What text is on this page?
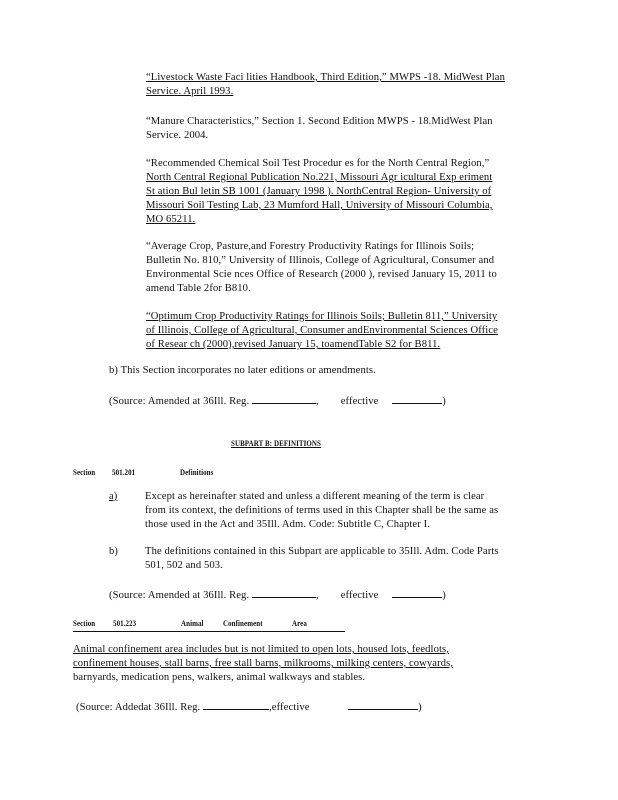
“Livestock Waste Faci lities Handbook, Third Edition,” MWPS -18. MidWest Plan
Service. April 1993.
“Manure Characteristics,” Section 1. Second Edition MWPS - 18.MidWest Plan
Service. 2004.
“Recommended Chemical Soil Test Procedur es for the North Central Region,”
North Central Regional Publication No.221, Missouri Agr icultural Exp eriment
St ation Bul letin SB 1001 (January 1998 ). NorthCentral Region- University of
Missouri Soil Testing Lab, 23 Mumford Hall, University of Missouri Columbia,
MO 65211.
“Average Crop, Pasture,and Forestry Productivity Ratings for Illinois Soils;
Bulletin No. 810,” University of Illinois, College of Agricultural, Consumer and
Environmental Scie nces Office of Research (2000 ), revised January 15, 2011 to
amend Table 2for B810.
“Optimum Crop Productivity Ratings for Illinois Soils; Bulletin 811,” University
of Illinois, College of Agricultural, Consumer andEnvironmental Sciences Office
of Resear ch (2000),revised January 15, toamendTable S2 for B811.
b) This Section incorporates no later editions or amendments.
(Source: Amended at 36Ill. Reg.	, effective	)
SUBPART B: DEFINITIONS
Section 501.201	Definitions
a)	Except as hereinafter stated and unless a different meaning of the term is clear
from its context, the definitions of terms used in this Chapter shall be the same as
those used in the Act and 35Ill. Adm. Code: Subtitle C, Chapter I.
b)	The definitions contained in this Subpart are applicable to 35Ill. Adm. Code Parts
501, 502 and 503.
(Source: Amended at 36Ill. Reg.	, effective	)
Section 501.223	Animal Confinement	Area
Animal confinement area includes but is not limited to open lots, housed lots, feedlots,
confinement houses, stall barns, free stall barns, milkrooms, milking centers, cowyards,
barnyards, medication pens, walkers, animal walkways and stables.
(Source: Addedat 36Ill. Reg.	,effective	)
